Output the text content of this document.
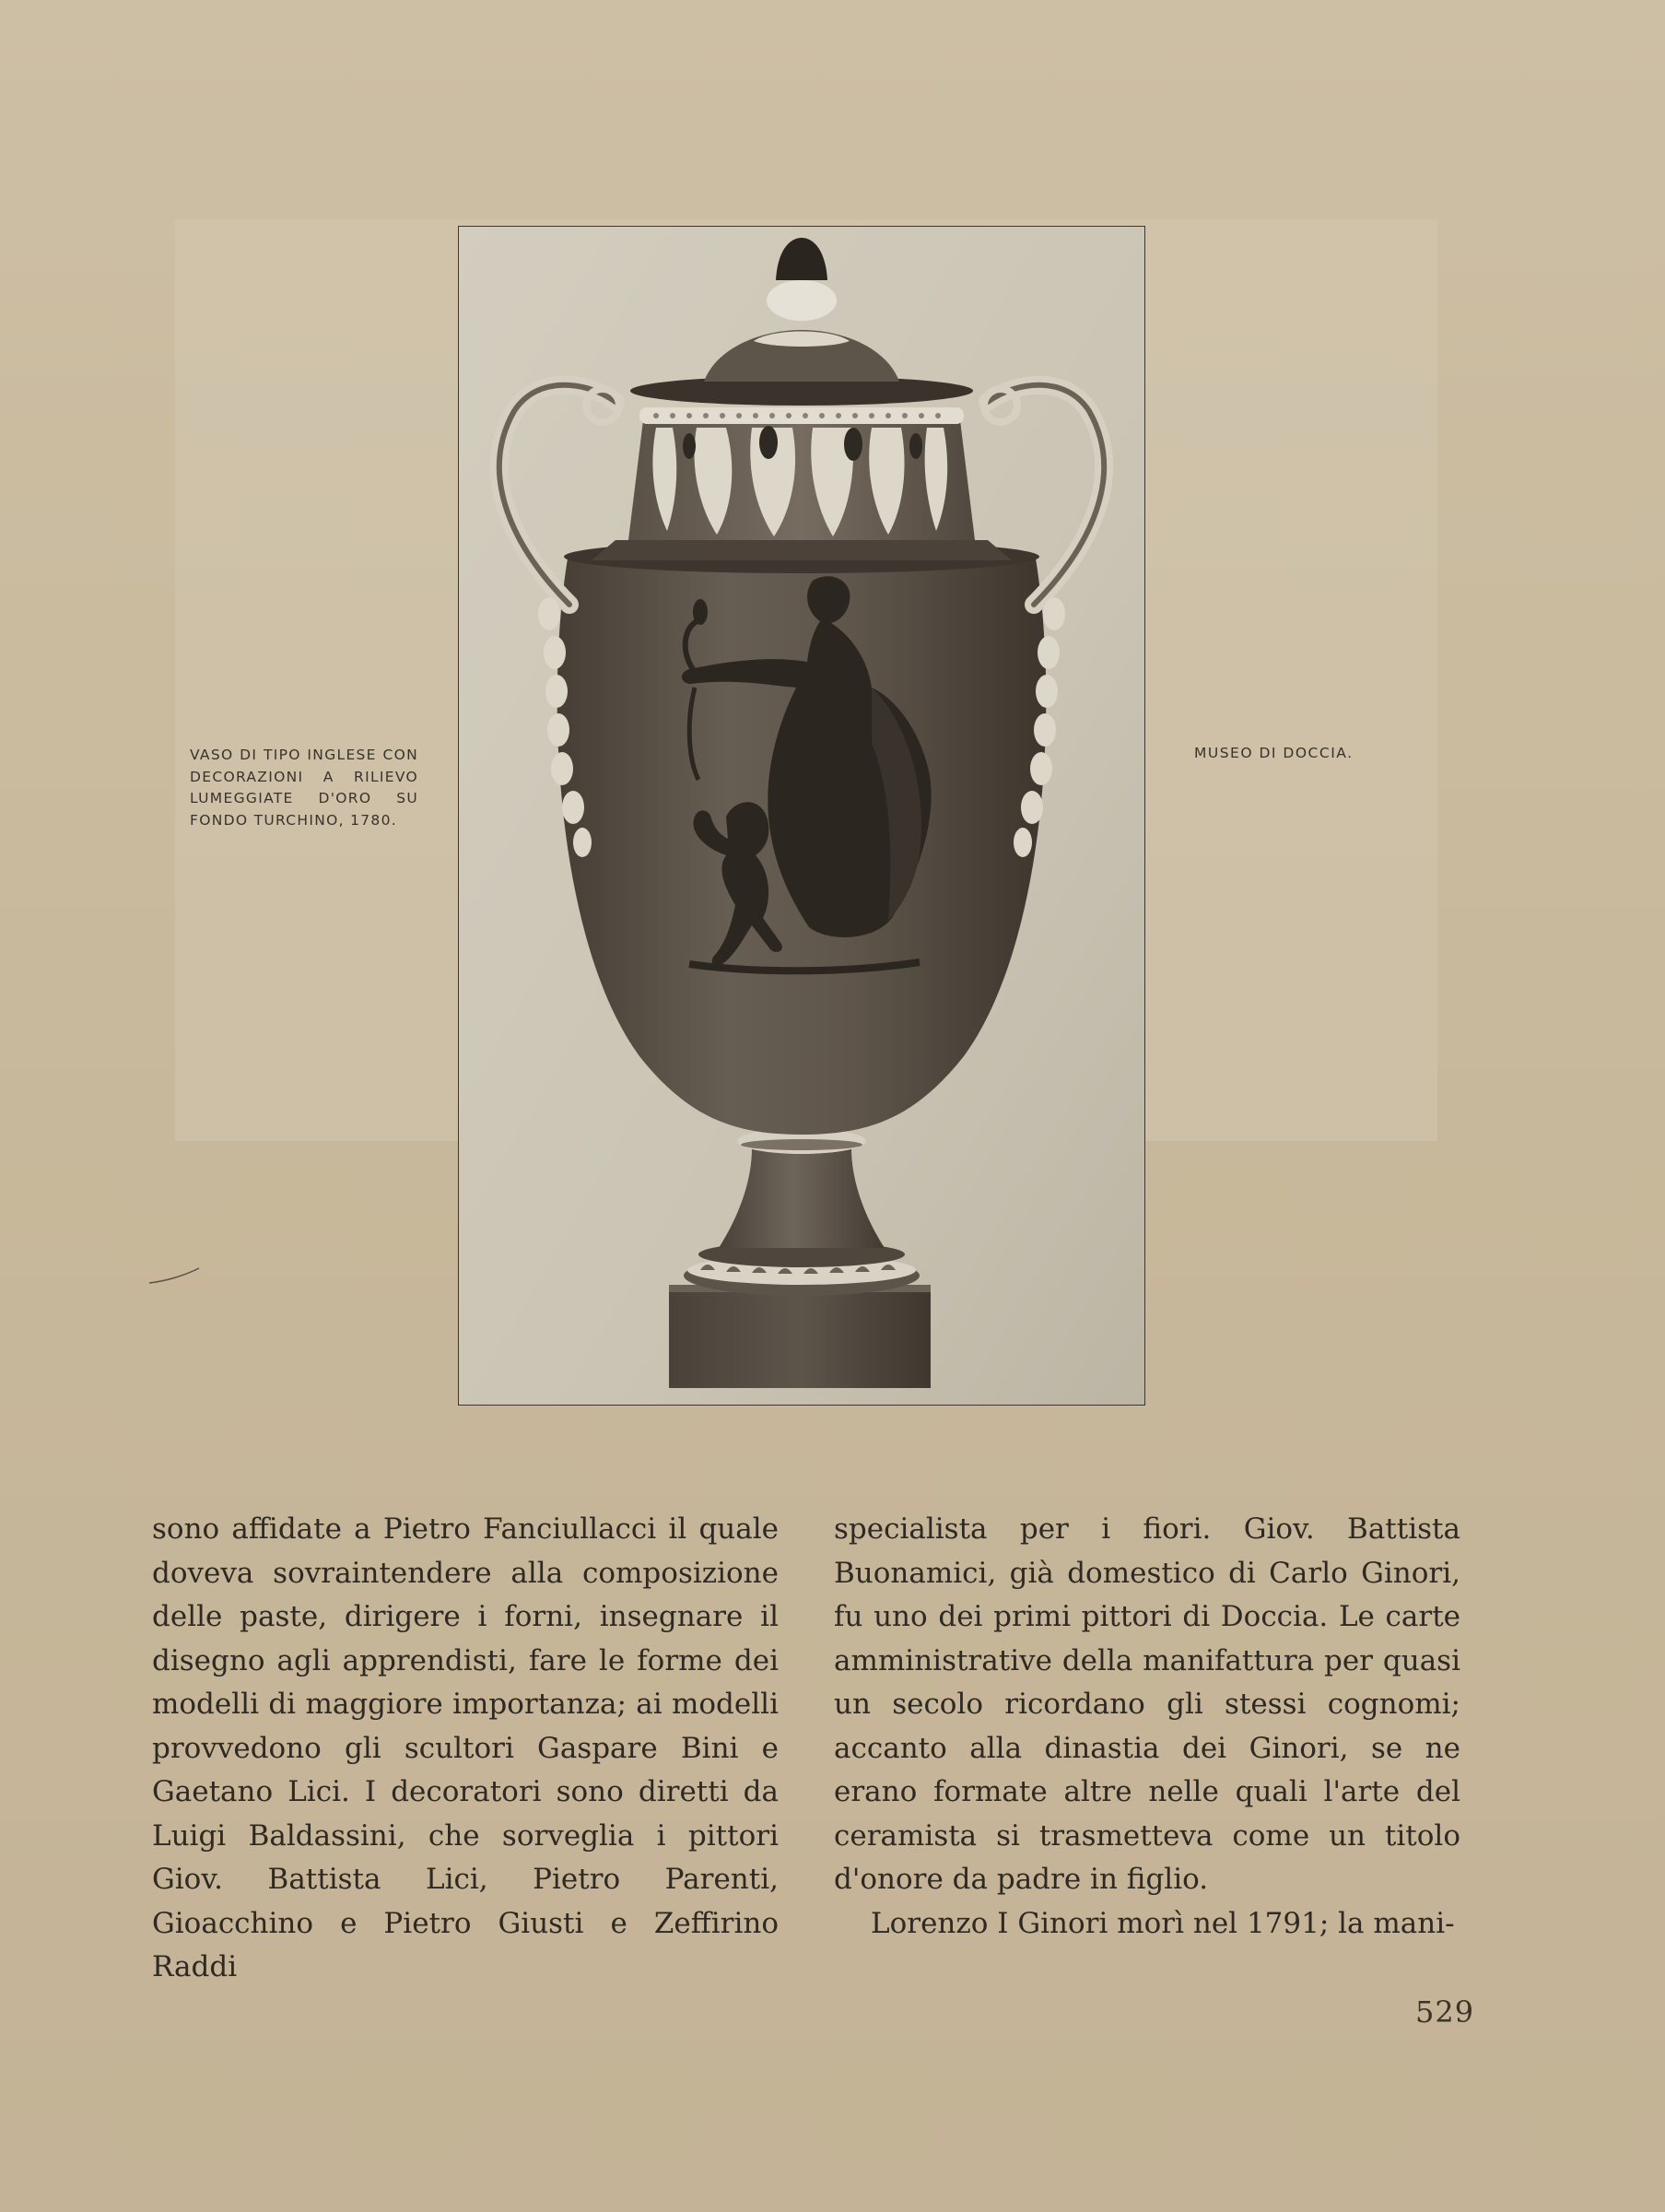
VASO DI TIPO INGLESE CON DECORAZIONI A RILIEVO LUMEGGIATE D'ORO SU FONDO TURCHINO, 1780.
MUSEO DI DOCCIA.

sono affidate a Pietro Fanciullacci il quale doveva sovraintendere alla composizione delle paste, dirigere i forni, insegnare il disegno agli apprendisti, fare le forme dei modelli di maggiore importanza; ai modelli provvedono gli scultori Gaspare Bini e Gaetano Lici. I decoratori sono diretti da Luigi Baldassini, che sorveglia i pittori Giov. Battista Lici, Pietro Parenti, Gioacchino e Pietro Giusti e Zeffirino Raddi

specialista per i fiori. Giov. Battista Buonamici, già domestico di Carlo Ginori, fu uno dei primi pittori di Doccia. Le carte amministrative della manifattura per quasi un secolo ricordano gli stessi cognomi; accanto alla dinastia dei Ginori, se ne erano formate altre nelle quali l'arte del ceramista si trasmetteva come un titolo d'onore da padre in figlio.

Lorenzo I Ginori morì nel 1791; la mani-

529
